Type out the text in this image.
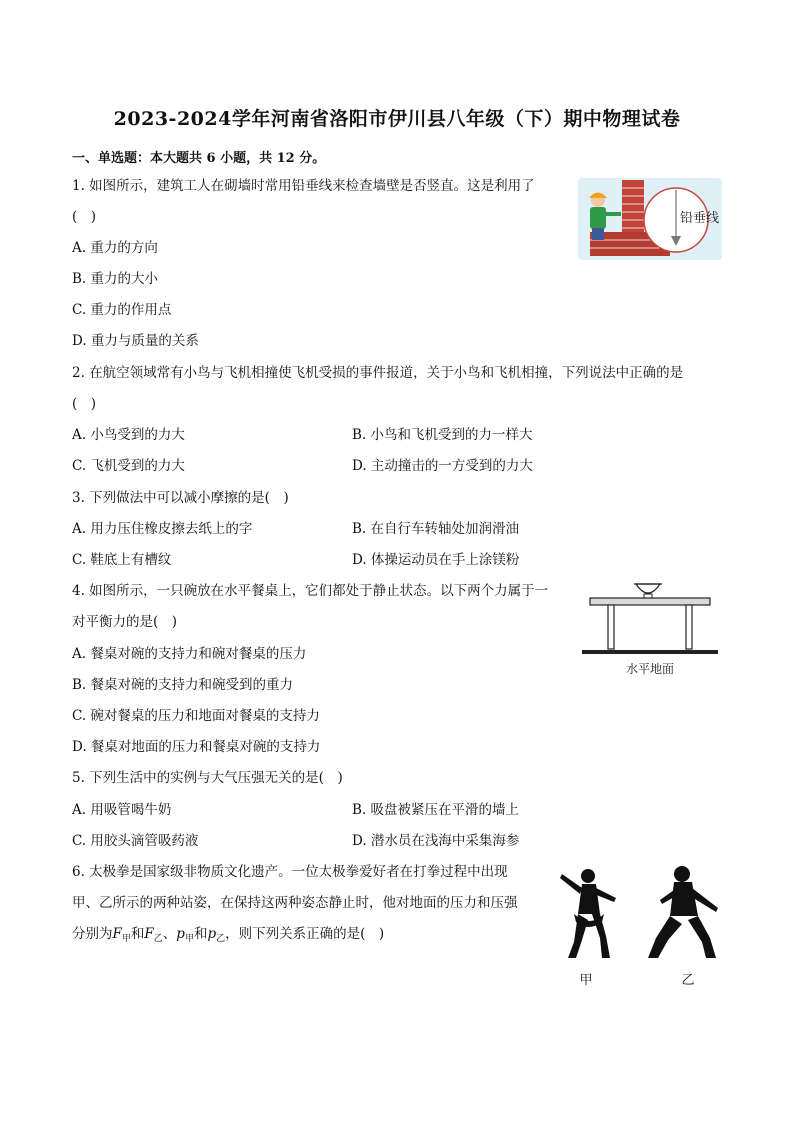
2023-2024学年河南省洛阳市伊川县八年级（下）期中物理试卷
一、单选题：本大题共 6 小题，共 12 分。
1. 如图所示，建筑工人在砌墙时常用铅垂线来检查墙壁是否竖直。这是利用了
(　)
A. 重力的方向
B. 重力的大小
C. 重力的作用点
D. 重力与质量的关系
铅垂线
2. 在航空领域常有小鸟与飞机相撞使飞机受损的事件报道，关于小鸟和飞机相撞，下列说法中正确的是
(　)
A. 小鸟受到的力大	B. 小鸟和飞机受到的力一样大
C. 飞机受到的力大	D. 主动撞击的一方受到的力大
3. 下列做法中可以减小摩擦的是(　)
A. 用力压住橡皮擦去纸上的字	B. 在自行车转轴处加润滑油
C. 鞋底上有槽纹	D. 体操运动员在手上涂镁粉
4. 如图所示，一只碗放在水平餐桌上，它们都处于静止状态。以下两个力属于一
对平衡力的是(　)
A. 餐桌对碗的支持力和碗对餐桌的压力
B. 餐桌对碗的支持力和碗受到的重力
C. 碗对餐桌的压力和地面对餐桌的支持力
D. 餐桌对地面的压力和餐桌对碗的支持力
水平地面
5. 下列生活中的实例与大气压强无关的是(　)
A. 用吸管喝牛奶	B. 吸盘被紧压在平滑的墙上
C. 用胶头滴管吸药液	D. 潜水员在浅海中采集海参
6. 太极拳是国家级非物质文化遗产。一位太极拳爱好者在打拳过程中出现
甲、乙所示的两种站姿，在保持这两种姿态静止时，他对地面的压力和压强
分别为$F_甲$和$F_乙$、$p_甲$和$p_乙$，则下列关系正确的是(　)
甲	乙
